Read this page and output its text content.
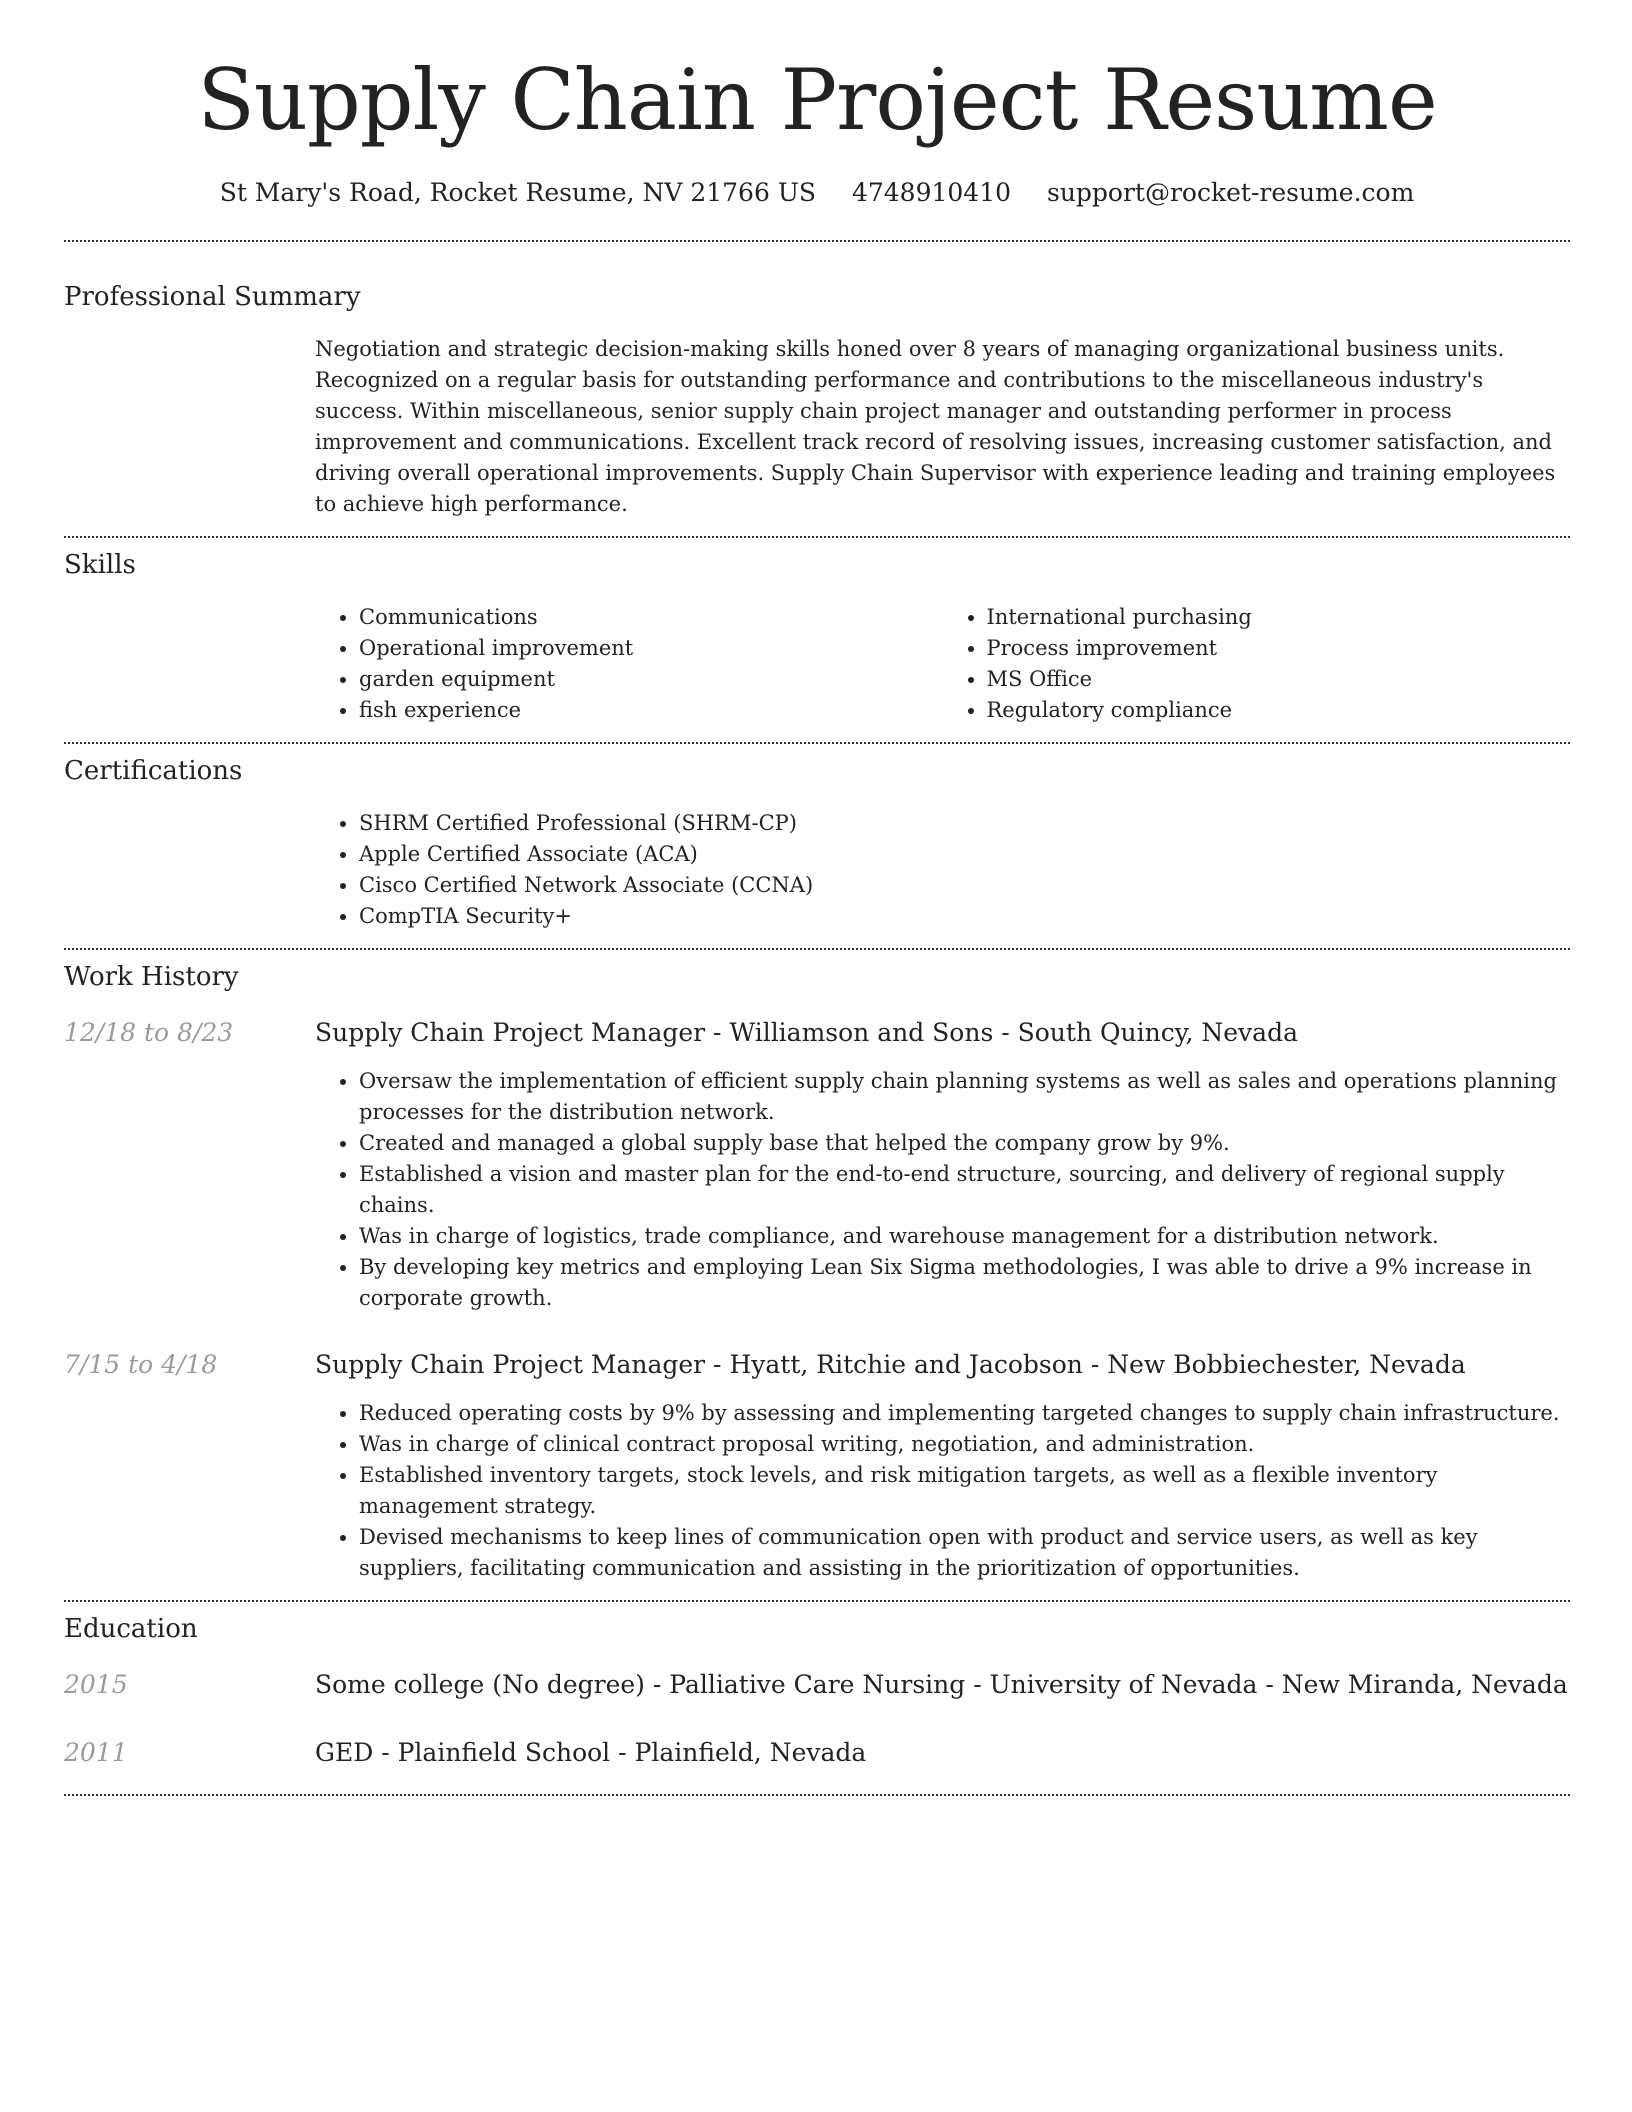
Supply Chain Project Resume
St Mary's Road, Rocket Resume, NV 21766 US 4748910410 support@rocket-resume.com
Professional Summary

Negotiation and strategic decision-making skills honed over 8 years of managing organizational business units. Recognized on a regular basis for outstanding performance and contributions to the miscellaneous industry's success. Within miscellaneous, senior supply chain project manager and outstanding performer in process improvement and communications. Excellent track record of resolving issues, increasing customer satisfaction, and driving overall operational improvements. Supply Chain Supervisor with experience leading and training employees to achieve high performance.

Skills
• Communications
• Operational improvement
• garden equipment
• fish experience
• International purchasing
• Process improvement
• MS Office
• Regulatory compliance
Certifications
• SHRM Certified Professional (SHRM-CP)
• Apple Certified Associate (ACA)
• Cisco Certified Network Associate (CCNA)
• CompTIA Security+
Work History
12/18 to 8/23	Supply Chain Project Manager - Williamson and Sons - South Quincy, Nevada
• Oversaw the implementation of efficient supply chain planning systems as well as sales and operations planning processes for the distribution network.
• Created and managed a global supply base that helped the company grow by 9%.
• Established a vision and master plan for the end-to-end structure, sourcing, and delivery of regional supply chains.
• Was in charge of logistics, trade compliance, and warehouse management for a distribution network.
• By developing key metrics and employing Lean Six Sigma methodologies, I was able to drive a 9% increase in corporate growth.
7/15 to 4/18	Supply Chain Project Manager - Hyatt, Ritchie and Jacobson - New Bobbiechester, Nevada
• Reduced operating costs by 9% by assessing and implementing targeted changes to supply chain infrastructure.
• Was in charge of clinical contract proposal writing, negotiation, and administration.
• Established inventory targets, stock levels, and risk mitigation targets, as well as a flexible inventory management strategy.
• Devised mechanisms to keep lines of communication open with product and service users, as well as key suppliers, facilitating communication and assisting in the prioritization of opportunities.
Education
2015	Some college (No degree) - Palliative Care Nursing - University of Nevada - New Miranda, Nevada
2011	GED - Plainfield School - Plainfield, Nevada
